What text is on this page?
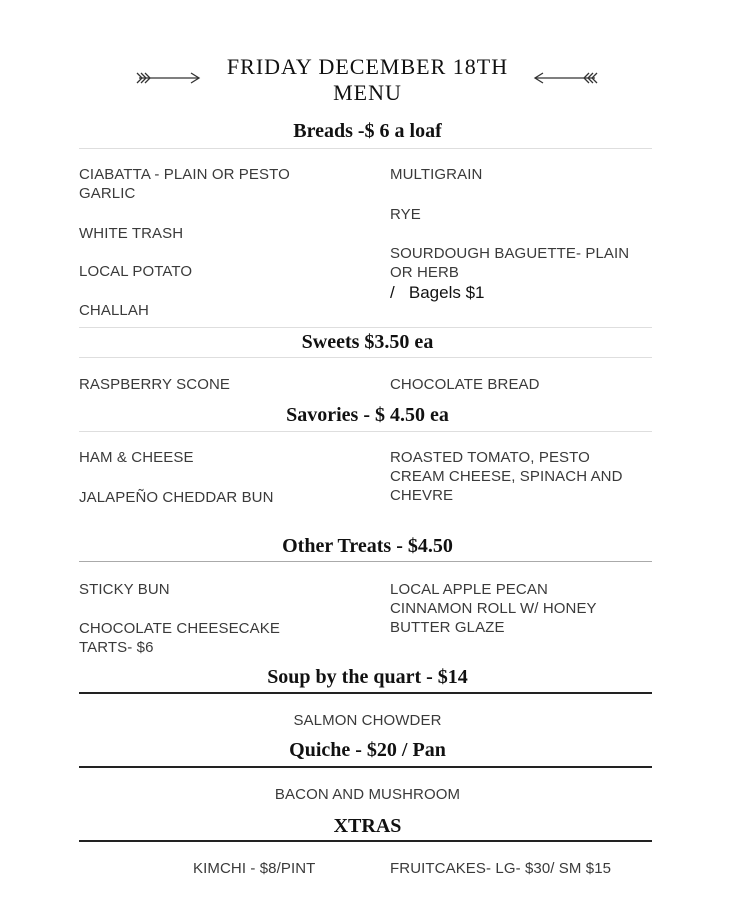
FRIDAY DECEMBER 18TH
MENU
Breads -$ 6 a loaf
CIABATTA - PLAIN OR PESTO GARLIC
WHITE TRASH
LOCAL POTATO
CHALLAH
MULTIGRAIN
RYE
SOURDOUGH BAGUETTE- PLAIN OR HERB
/   Bagels $1
Sweets $3.50 ea
RASPBERRY SCONE	CHOCOLATE BREAD
Savories - $ 4.50 ea
HAM & CHEESE
JALAPEÑO CHEDDAR BUN
ROASTED TOMATO, PESTO CREAM CHEESE, SPINACH AND CHEVRE
Other Treats - $4.50
STICKY BUN
CHOCOLATE CHEESECAKE TARTS- $6
LOCAL APPLE PECAN CINNAMON ROLL W/ HONEY BUTTER GLAZE
Soup by the quart - $14
SALMON CHOWDER
Quiche - $20 / Pan
BACON AND MUSHROOM
XTRAS
KIMCHI - $8/PINT	FRUITCAKES- LG- $30/ SM $15
